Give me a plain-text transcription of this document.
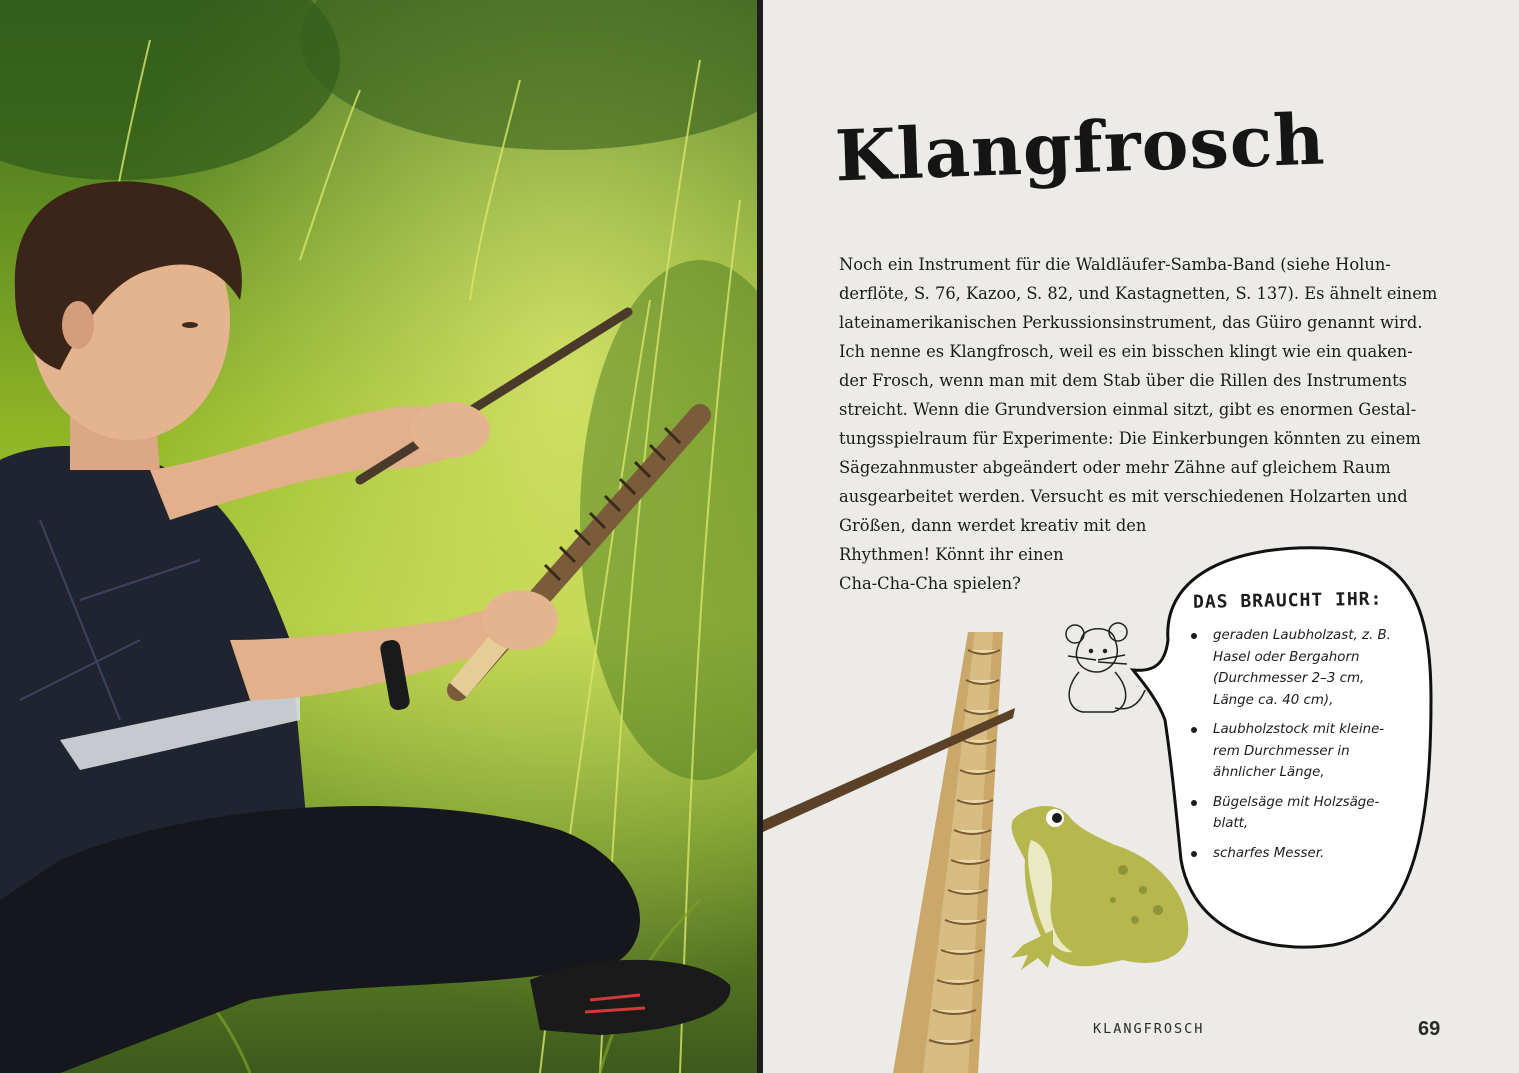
Klangfrosch
Noch ein Instrument für die Waldläufer-Samba-Band (siehe Holun-
derflöte, S. 76, Kazoo, S. 82, und Kastagnetten, S. 137). Es ähnelt einem
lateinamerikanischen Perkussionsinstrument, das Güiro genannt wird.
Ich nenne es Klangfrosch, weil es ein bisschen klingt wie ein quaken-
der Frosch, wenn man mit dem Stab über die Rillen des Instruments
streicht. Wenn die Grundversion einmal sitzt, gibt es enormen Gestal-
tungsspielraum für Experimente: Die Einkerbungen könnten zu einem
Sägezahnmuster abgeändert oder mehr Zähne auf gleichem Raum
ausgearbeitet werden. Versucht es mit verschiedenen Holzarten und
Größen, dann werdet kreativ mit den
Rhythmen! Könnt ihr einen
Cha-Cha-Cha spielen?
DAS BRAUCHT IHR:
geraden Laubholzast, z. B.
Hasel oder Bergahorn
(Durchmesser 2–3 cm,
Länge ca. 40 cm),
Laubholzstock mit kleine-
rem Durchmesser in
ähnlicher Länge,
Bügelsäge mit Holzsäge-
blatt,
scharfes Messer.
KLANGFROSCH	69
